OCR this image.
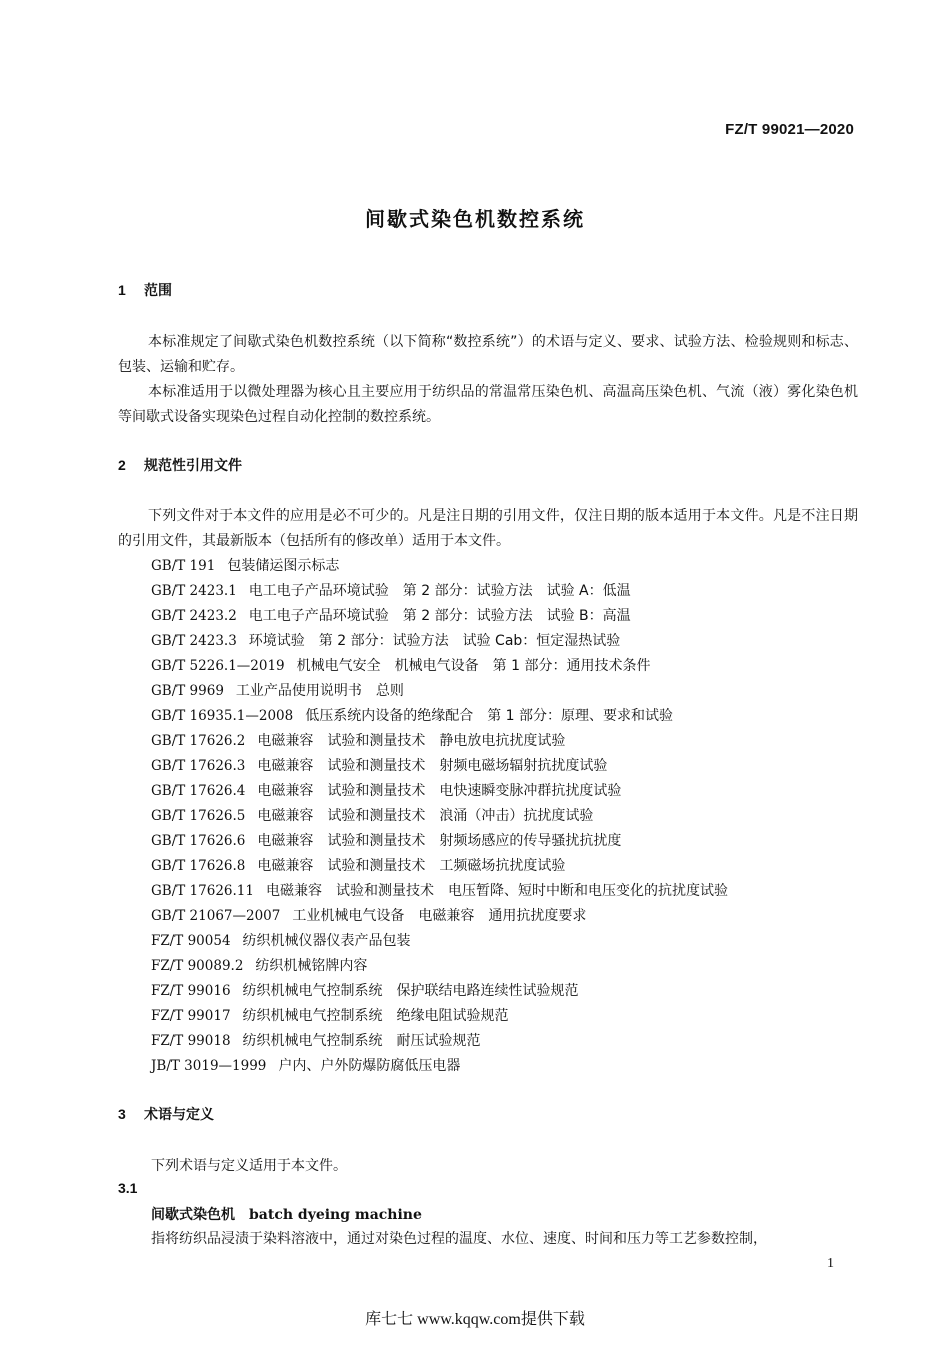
FZ/T 99021—2020
间歇式染色机数控系统
1 范围
本标准规定了间歇式染色机数控系统（以下简称“数控系统”）的术语与定义、要求、试验方法、检验规则和标志、包装、运输和贮存。
本标准适用于以微处理器为核心且主要应用于纺织品的常温常压染色机、高温高压染色机、气流（液）雾化染色机等间歇式设备实现染色过程自动化控制的数控系统。
2 规范性引用文件
下列文件对于本文件的应用是必不可少的。凡是注日期的引用文件，仅注日期的版本适用于本文件。凡是不注日期的引用文件，其最新版本（包括所有的修改单）适用于本文件。
GB/T 191 包装储运图示标志
GB/T 2423.1 电工电子产品环境试验　第 2 部分：试验方法　试验 A：低温
GB/T 2423.2 电工电子产品环境试验　第 2 部分：试验方法　试验 B：高温
GB/T 2423.3 环境试验　第 2 部分：试验方法　试验 Cab：恒定湿热试验
GB/T 5226.1—2019 机械电气安全　机械电气设备　第 1 部分：通用技术条件
GB/T 9969 工业产品使用说明书　总则
GB/T 16935.1—2008 低压系统内设备的绝缘配合　第 1 部分：原理、要求和试验
GB/T 17626.2 电磁兼容　试验和测量技术　静电放电抗扰度试验
GB/T 17626.3 电磁兼容　试验和测量技术　射频电磁场辐射抗扰度试验
GB/T 17626.4 电磁兼容　试验和测量技术　电快速瞬变脉冲群抗扰度试验
GB/T 17626.5 电磁兼容　试验和测量技术　浪涌（冲击）抗扰度试验
GB/T 17626.6 电磁兼容　试验和测量技术　射频场感应的传导骚扰抗扰度
GB/T 17626.8 电磁兼容　试验和测量技术　工频磁场抗扰度试验
GB/T 17626.11 电磁兼容　试验和测量技术　电压暂降、短时中断和电压变化的抗扰度试验
GB/T 21067—2007 工业机械电气设备　电磁兼容　通用抗扰度要求
FZ/T 90054 纺织机械仪器仪表产品包装
FZ/T 90089.2 纺织机械铭牌内容
FZ/T 99016 纺织机械电气控制系统　保护联结电路连续性试验规范
FZ/T 99017 纺织机械电气控制系统　绝缘电阻试验规范
FZ/T 99018 纺织机械电气控制系统　耐压试验规范
JB/T 3019—1999 户内、户外防爆防腐低压电器
3 术语与定义
下列术语与定义适用于本文件。
3.1
间歇式染色机 batch dyeing machine
指将纺织品浸渍于染料溶液中，通过对染色过程的温度、水位、速度、时间和压力等工艺参数控制，
1
库七七 www.kqqw.com提供下载
